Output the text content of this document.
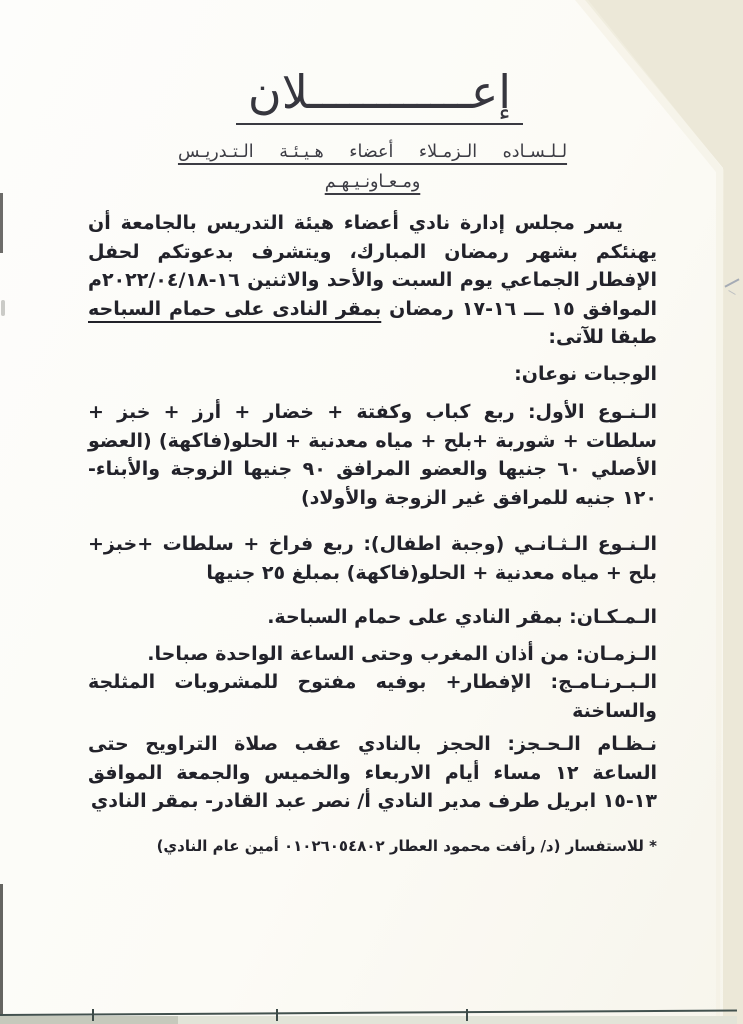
إعــــــــــــلان
لـلـسـاده الـزمـلاء أعضاء هـيـئـة الـتـدريـس
ومـعـاونـيـهـم

يسر مجلس إدارة نادي أعضاء هيئة التدريس بالجامعة أن يهنئكم بشهر رمضان المبارك، ويتشرف بدعوتكم لحفل الإفطار الجماعي يوم السبت والأحد والاثنين ١٦-٢٠٢٢/٠٤/١٨م الموافق ١٥ ـــ ١٦-١٧ رمضان بمقر النادى على حمام السباحه طبقا للآتى:

الوجبات نوعان:

الـنـوع الأول: ربع كباب وكفتة + خضار + أرز + خبز + سلطات + شوربة +بلح + مياه معدنية + الحلو(فاكهة) (العضو الأصلي ٦٠ جنيها والعضو المرافق ٩٠ جنيها الزوجة والأبناء- ١٢٠ جنيه للمرافق غير الزوجة والأولاد)

الـنـوع الـثـانـي (وجبة اطفال): ربع فراخ + سلطات +خبز+ بلح + مياه معدنية + الحلو(فاكهة) بمبلغ ٢٥ جنيها

الـمـكـان: بمقر النادي على حمام السباحة.

الـزمـان: من أذان المغرب وحتى الساعة الواحدة صباحا.

الـبـرنـامـج: الإفطار+ بوفيه مفتوح للمشروبات المثلجة والساخنة

نـظـام الـحـجز: الحجز بالنادي عقب صلاة التراويح حتى الساعة ١٢ مساء أيام الاربعاء والخميس والجمعة الموافق ١٣-١٥ ابريل طرف مدير النادي أ/ نصر عبد القادر- بمقر النادي

* للاستفسار (د/ رأفت محمود العطار ٠١٠٢٦٠٥٤٨٠٢ أمين عام النادي)
